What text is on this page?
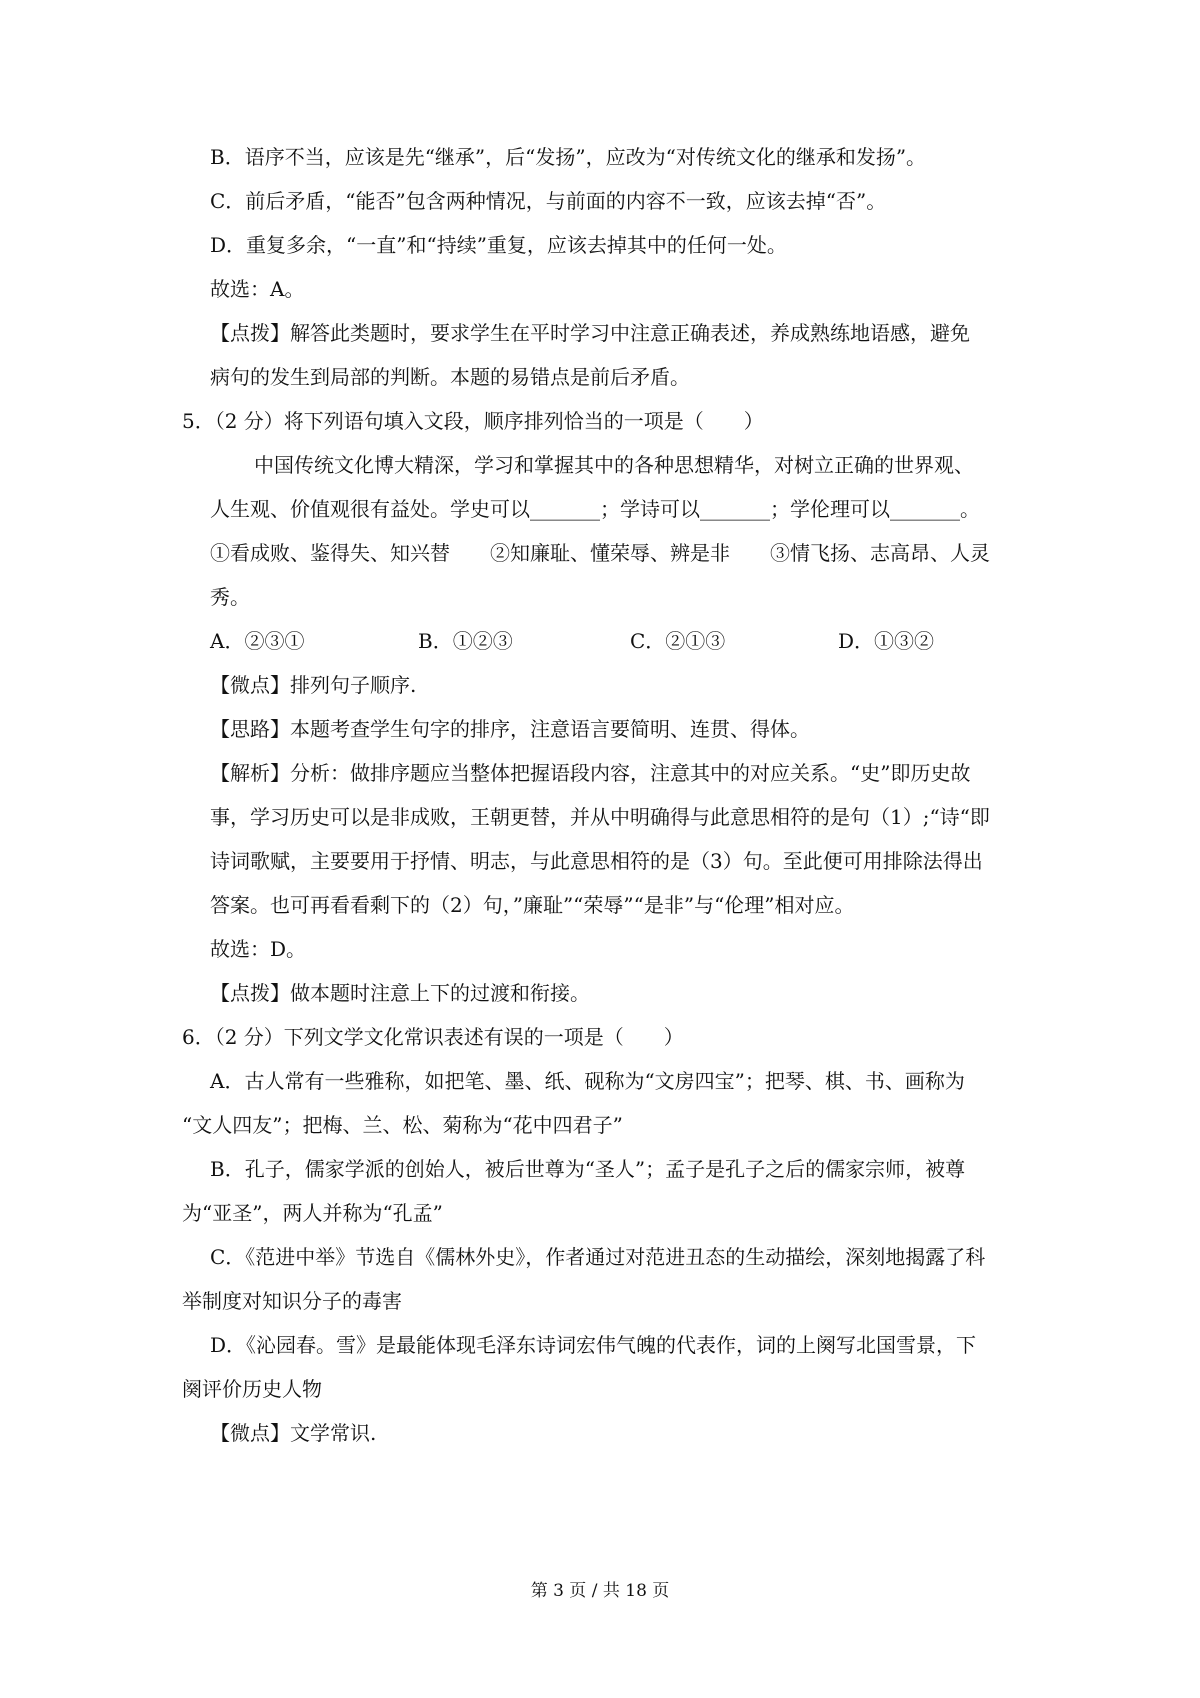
B．语序不当，应该是先“继承”，后“发扬”，应改为“对传统文化的继承和发扬”。
C．前后矛盾，“能否”包含两种情况，与前面的内容不一致，应该去掉“否”。
D．重复多余，“一直”和“持续”重复，应该去掉其中的任何一处。
故选：A。
【点拨】解答此类题时，要求学生在平时学习中注意正确表述，养成熟练地语感，避免
病句的发生到局部的判断。本题的易错点是前后矛盾。
5．（2 分）将下列语句填入文段，顺序排列恰当的一项是（　　）
中国传统文化博大精深，学习和掌握其中的各种思想精华，对树立正确的世界观、
人生观、价值观很有益处。学史可以_______；学诗可以_______；学伦理可以_______。
①看成败、鉴得失、知兴替　　②知廉耻、懂荣辱、辨是非　　③情飞扬、志高昂、人灵
秀。
A．②③①	B．①②③	C．②①③	D．①③②
【微点】排列句子顺序.
【思路】本题考查学生句字的排序，注意语言要简明、连贯、得体。
【解析】分析：做排序题应当整体把握语段内容，注意其中的对应关系。“史”即历史故
事，学习历史可以是非成败，王朝更替，并从中明确得与此意思相符的是句（1）;“诗“即
诗词歌赋，主要要用于抒情、明志，与此意思相符的是（3）句。至此便可用排除法得出
答案。也可再看看剩下的（2）句，”廉耻”“荣辱”“是非”与“伦理”相对应。
故选：D。
【点拨】做本题时注意上下的过渡和衔接。
6．（2 分）下列文学文化常识表述有误的一项是（　　）
A．古人常有一些雅称，如把笔、墨、纸、砚称为“文房四宝”；把琴、棋、书、画称为
“文人四友”；把梅、兰、松、菊称为“花中四君子”
B．孔子，儒家学派的创始人，被后世尊为“圣人”；孟子是孔子之后的儒家宗师，被尊
为“亚圣”，两人并称为“孔孟”
C．《范进中举》节选自《儒林外史》，作者通过对范进丑态的生动描绘，深刻地揭露了科
举制度对知识分子的毒害
D．《沁园春。雪》是最能体现毛泽东诗词宏伟气魄的代表作，词的上阕写北国雪景，下
阕评价历史人物
【微点】文学常识.
第 3 页 / 共 18 页
